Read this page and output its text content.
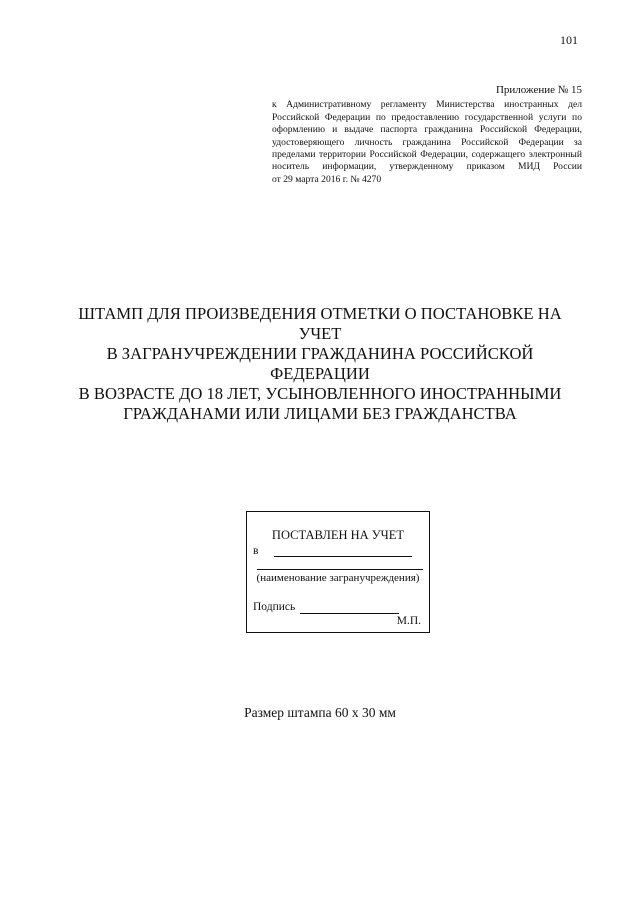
101
Приложение № 15
к Административному регламенту Министерства иностранных дел
Российской Федерации по предоставлению государственной услуги по
оформлению и выдаче паспорта гражданина Российской Федерации,
удостоверяющего личность гражданина Российской Федерации за
пределами территории Российской Федерации, содержащего электронный
носитель информации, утвержденному приказом МИД России
от 29 марта 2016 г. № 4270
ШТАМП ДЛЯ ПРОИЗВЕДЕНИЯ ОТМЕТКИ О ПОСТАНОВКЕ НА УЧЕТ
В ЗАГРАНУЧРЕЖДЕНИИ ГРАЖДАНИНА РОССИЙСКОЙ ФЕДЕРАЦИИ
В ВОЗРАСТЕ ДО 18 ЛЕТ, УСЫНОВЛЕННОГО ИНОСТРАННЫМИ
ГРАЖДАНАМИ ИЛИ ЛИЦАМИ БЕЗ ГРАЖДАНСТВА
ПОСТАВЛЕН НА УЧЕТ
в
(наименование загранучреждения)
Подпись
М.П.
Размер штампа 60 x 30 мм
